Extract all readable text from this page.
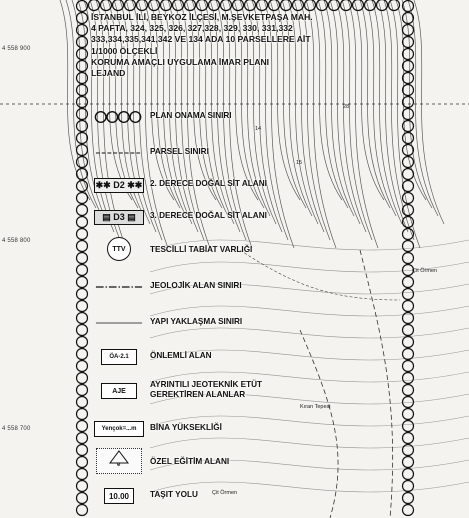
4 558 900
4 558 800
4 558 700
İSTANBUL İLİ, BEYKOZ İLÇESİ, M.ŞEVKETPAŞA MAH.
4 PAFTA, 324, 325, 326, 327,328, 329, 330, 331,332
333,334,335,341,342 VE 134 ADA 10 PARSELLERE AİT
1/1000 ÖLÇEKLİ
KORUMA AMAÇLI UYGULAMA İMAR PLANI
LEJAND
Çit Örmen
Kıran Tepesi
Çit Örmen
28
14
15
PLAN ONAMA SINIRI
PARSEL SINIRI
✱✱ D2 ✱✱ 2. DERECE DOĞAL SİT ALANI
▤ D3 ▤	3. DERECE DOĞAL SİT ALANI
TTV	TESCİLLİ TABİAT VARLIĞI
JEOLOJİK ALAN SINIRI
YAPI YAKLAŞMA SINIRI
ÖA-2.1	ÖNLEMLİ ALAN
AJE
AYRINTILI JEOTEKNİK ETÜT
GEREKTİREN ALANLAR
Yençok=...m	BİNA YÜKSEKLİĞİ
e	ÖZEL EĞİTİM ALANI
10.00	TAŞIT YOLU
